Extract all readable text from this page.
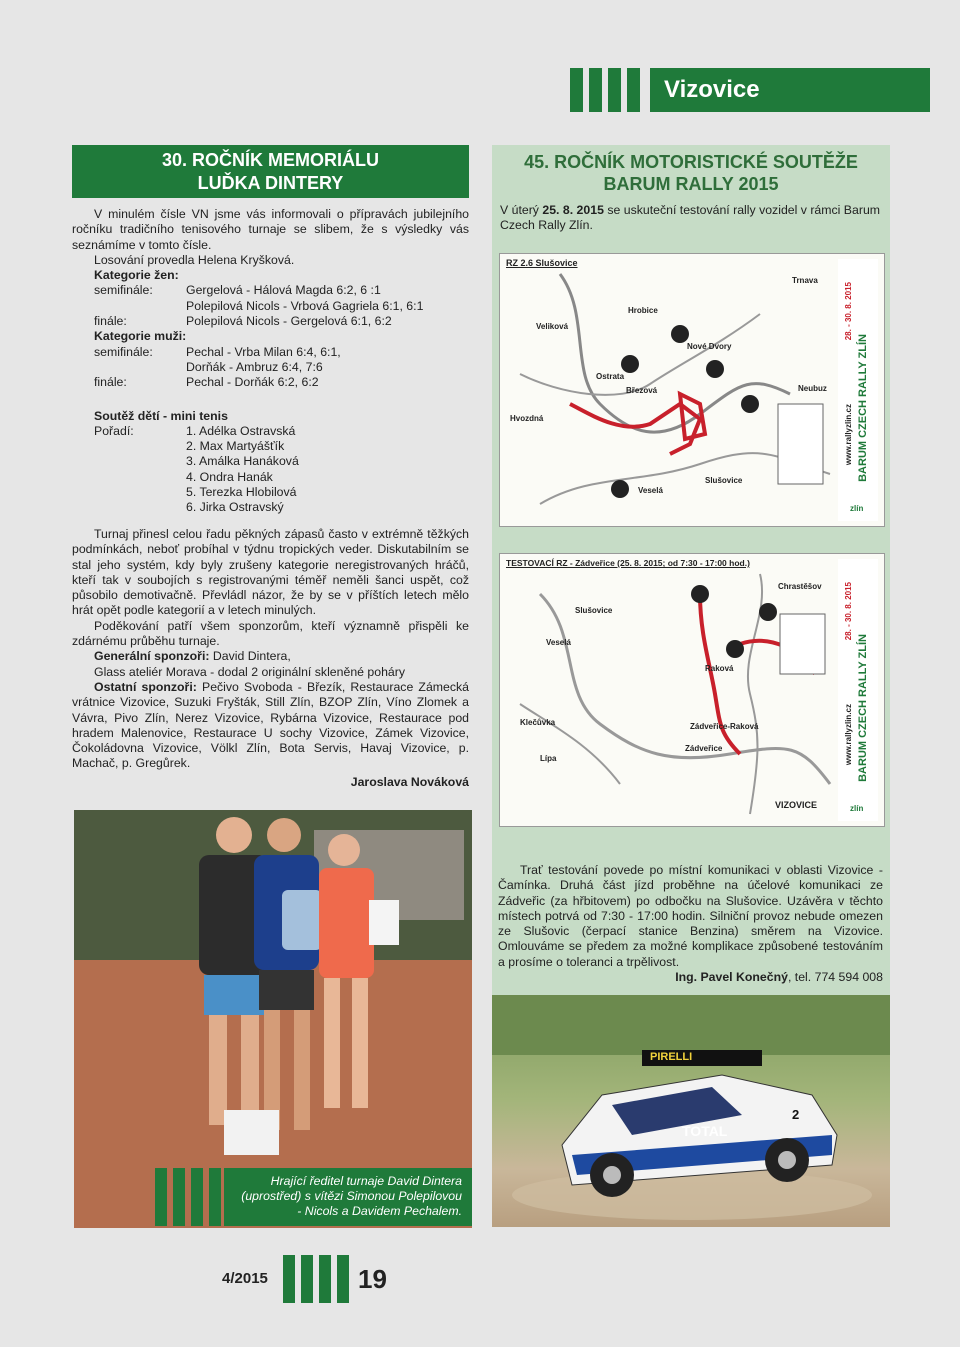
Vizovice
30. ROČNÍK MEMORIÁLU
LUĎKA DINTERY
V minulém čísle VN jsme vás informovali o přípravách jubilejního ročníku tradičního tenisového turnaje se slibem, že s výsledky vás seznámíme v tomto čísle.
Losování provedla Helena Kryšková.
Kategorie žen:
semifinále:	Gergelová - Hálová Magda 6:2, 6 :1
Polepilová Nicols - Vrbová Gagriela 6:1, 6:1
finále:	Polepilová Nicols - Gergelová 6:1, 6:2
Kategorie muži:
semifinále:	Pechal - Vrba Milan 6:4, 6:1,
Dorňák - Ambruz 6:4, 7:6
finále:	Pechal - Dorňák 6:2, 6:2
Soutěž dětí - mini tenis
Pořadí:	1. Adélka Ostravská
2. Max Martyášťík
3. Amálka Hanáková
4. Ondra Hanák
5. Terezka Hlobilová
6. Jirka Ostravský
Turnaj přinesl celou řadu pěkných zápasů často v extrémně těžkých podmínkách, neboť probíhal v týdnu tropických veder. Diskutabilním se stal jeho systém, kdy byly zrušeny kategorie neregistrovaných hráčů, kteří tak v soubojích s registrovanými téměř neměli šanci uspět, což působilo demotivačně. Převládl názor, že by se v příštích letech mělo hrát opět podle kategorií a v letech minulých.
Poděkování patří všem sponzorům, kteří významně přispěli ke zdárnému průběhu turnaje.
Generální sponzoři: David Dintera,
Glass ateliér Morava - dodal 2 originální skleněné poháry
Ostatní sponzoři: Pečivo Svoboda - Březík, Restaurace Zámecká vrátnice Vizovice, Suzuki Fryšták, Still Zlín, BZOP Zlín, Víno Zlomek a Vávra, Pivo Zlín, Nerez Vizovice, Rybárna Vizovice, Restaurace pod hradem Malenovice, Restaurace U sochy Vizovice, Zámek Vizovice, Čokoládovna Vizovice, Völkl Zlín, Bota Servis, Havaj Vizovice, p. Machač, p. Gregůrek.
Jaroslava Nováková
Hrající ředitel turnaje David Dintera (uprostřed) s vítězi Simonou Polepilovou - Nicols a Davidem Pechalem.
45. ROČNÍK MOTORISTICKÉ SOUTĚŽE
BARUM RALLY 2015
V úterý 25. 8. 2015 se uskuteční testování rally vozidel v rámci Barum Czech Rally Zlín.
RZ 2.6 Slušovice
Trnava
Veliková
Hrobice
Nové Dvory
Ostrata
Březová	Neubuz
Hvozdná
Veselá
Slušovice
28. - 30. 8. 2015
BARUM CZECH RALLY ZLÍN
www.rallyzlin.cz
zlín
TESTOVACÍ RZ - Zádveřice (25. 8. 2015; od 7:30 - 17:00 hod.)
Chrastěšov
Slušovice
Veselá
Raková
Zádveřice-Raková
Zádveřice
Klečůvka
Lípa
VIZOVICE
28. - 30. 8. 2015
BARUM CZECH RALLY ZLÍN
www.rallyzlin.cz
zlín
Trať testování povede po místní komunikaci v oblasti Vizovice - Čamínka. Druhá část jízd proběhne na účelové komunikaci ze Zádveřic (za hřbitovem) po odbočku na Slušovice. Uzávěra v těchto místech potrvá od 7:30 - 17:00 hodin. Silniční provoz nebude omezen ze Slušovic (čerpací stanice Benzina) směrem na Vizovice. Omlouváme se předem za možné komplikace způsobené testováním a prosíme o toleranci a trpělivost.
Ing. Pavel Konečný, tel. 774 594 008
PIRELLI
TOTAL
2
4/2015	19
